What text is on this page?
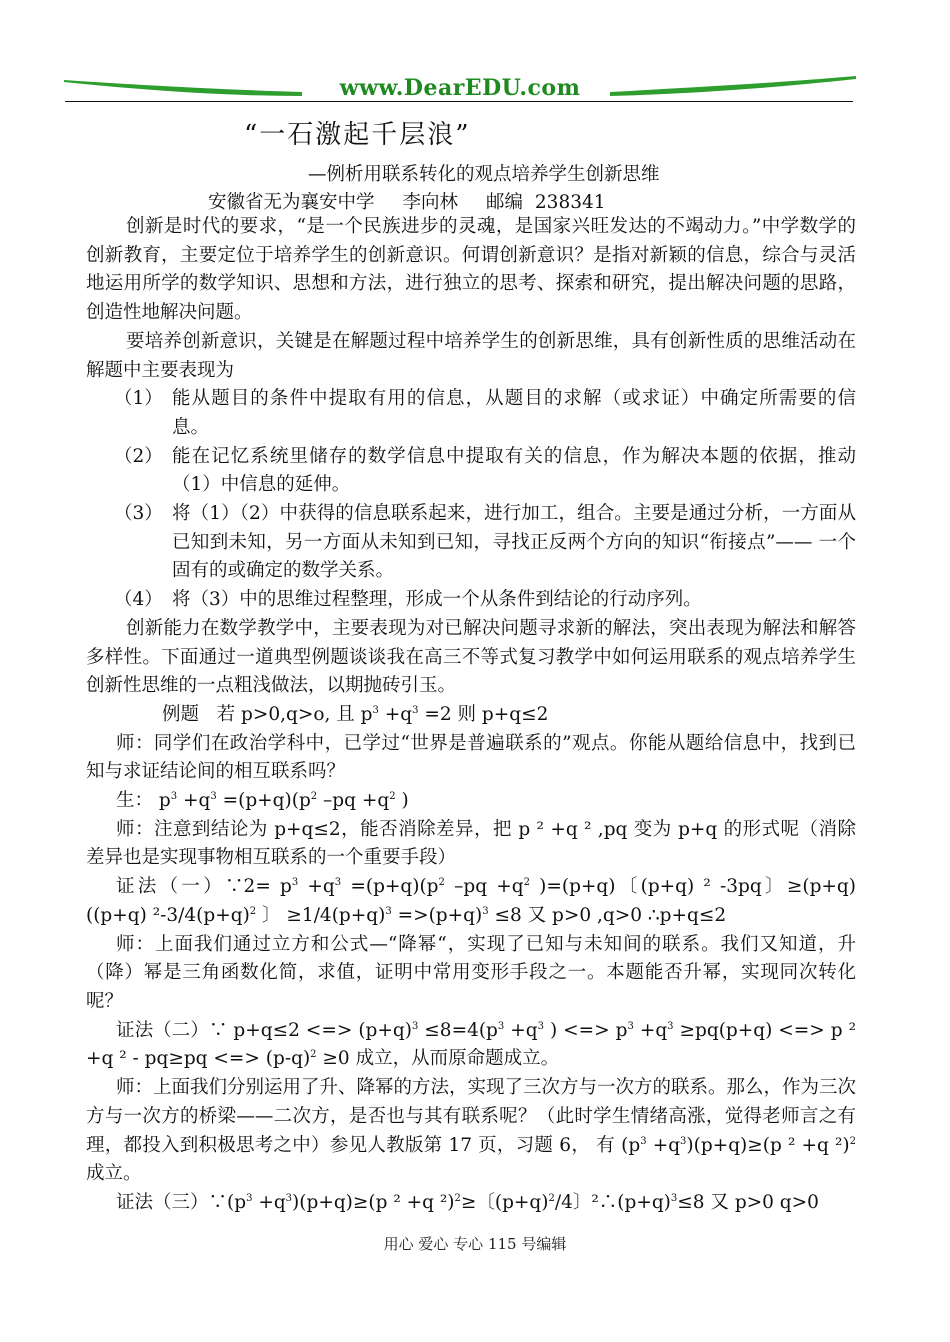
www.DearEDU.com
“一石激起千层浪”
—例析用联系转化的观点培养学生创新思维
安徽省无为襄安中学 李向林 邮编 238341
创新是时代的要求，“是一个民族进步的灵魂，是国家兴旺发达的不竭动力。”中学数学的创新教育，主要定位于培养学生的创新意识。何谓创新意识？是指对新颖的信息，综合与灵活地运用所学的数学知识、思想和方法，进行独立的思考、探索和研究，提出解决问题的思路，创造性地解决问题。
要培养创新意识，关键是在解题过程中培养学生的创新思维，具有创新性质的思维活动在解题中主要表现为
（1） 能从题目的条件中提取有用的信息，从题目的求解（或求证）中确定所需要的信息。
（2） 能在记忆系统里储存的数学信息中提取有关的信息，作为解决本题的依据，推动（1）中信息的延伸。
（3） 将（1）（2）中获得的信息联系起来，进行加工，组合。主要是通过分析，一方面从已知到未知，另一方面从未知到已知，寻找正反两个方向的知识“衔接点”—— 一个固有的或确定的数学关系。
（4） 将（3）中的思维过程整理，形成一个从条件到结论的行动序列。
创新能力在数学教学中，主要表现为对已解决问题寻求新的解法，突出表现为解法和解答多样性。下面通过一道典型例题谈谈我在高三不等式复习教学中如何运用联系的观点培养学生创新性思维的一点粗浅做法，以期抛砖引玉。
例题 若 p>0,q>o, 且 $p^3 +q^3 =2$ 则 p+q≤2
师：同学们在政治学科中，已学过“世界是普遍联系的”观点。你能从题给信息中，找到已知与求证结论间的相互联系吗？
生： $p^3 +q^3 =(p+q)(p^2$ $-pq +q^2$ )
师：注意到结论为 p+q≤2，能否消除差异，把 p ² +q ² ,pq 变为 p+q 的形式呢（消除差异也是实现事物相互联系的一个重要手段）
证法（一）∵2= $p^3 +q^3 =(p+q)(p^2$ $-pq +q^2$ )=(p+q)〔(p+q) ² -3pq〕≥(p+q)((p+q) $^2-3/4(p+q)^2$ 〕 $\ge 1/4(p+q)^3 =>(p+q)^3 \le 8$ 又 p>0 ,q>0 ∴p+q≤2
师：上面我们通过立方和公式—“降幂“，实现了已知与未知间的联系。我们又知道，升（降）幂是三角函数化简，求值，证明中常用变形手段之一。本题能否升幂，实现同次转化呢？
证法（二）∵ p+q≤2 <=> $(p+q)^3 \le 8=4(p^3 +q^3$ ) <=> $p^3 +q^3 \ge pq(p+q)$ <=> p ² +q ² - pq≥pq <=> $(p-q)^2 \ge 0$ 成立，从而原命题成立。
师：上面我们分别运用了升、降幂的方法，实现了三次方与一次方的联系。那么，作为三次方与一次方的桥梁——二次方，是否也与其有联系呢？（此时学生情绪高涨，觉得老师言之有理，都投入到积极思考之中）参见人教版第 17 页，习题 6， 有 $(p^3 +q^3)(p+q)\ge(p$ ² +q ²)$^2$ 成立。
证法（三）$\because(p^3 +q^3)(p+q)\ge(p$ ² +q ²)$^2$≥〔$(p+q)^2/4$〕$^2\therefore(p+q)^3\le 8$ 又 p>0 q>0
用心 爱心 专心 115 号编辑
